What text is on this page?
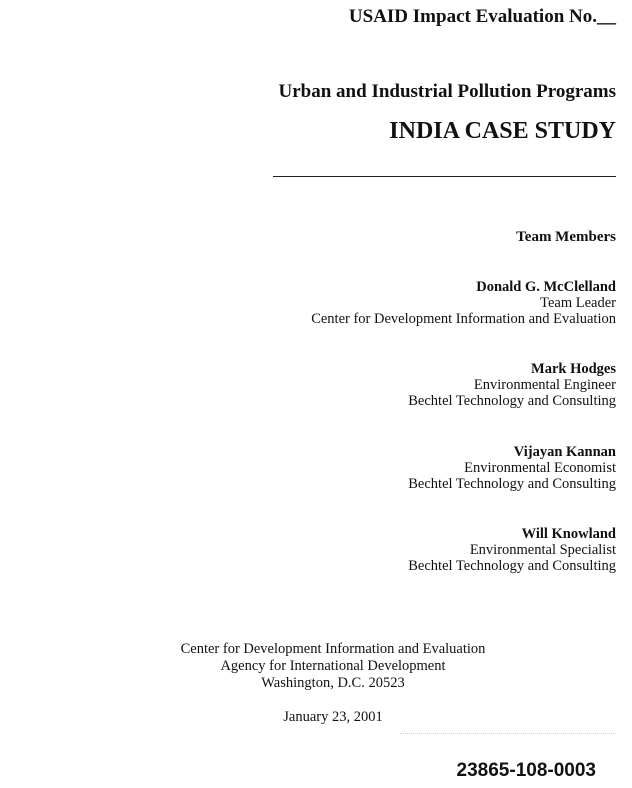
USAID Impact Evaluation No.__
Urban and Industrial Pollution Programs
INDIA CASE STUDY
Team Members
Donald G. McClelland
Team Leader
Center for Development Information and Evaluation
Mark Hodges
Environmental Engineer
Bechtel Technology and Consulting
Vijayan Kannan
Environmental Economist
Bechtel Technology and Consulting
Will Knowland
Environmental Specialist
Bechtel Technology and Consulting
Center for Development Information and Evaluation
Agency for International Development
Washington, D.C. 20523
January 23, 2001
23865-108-0003
